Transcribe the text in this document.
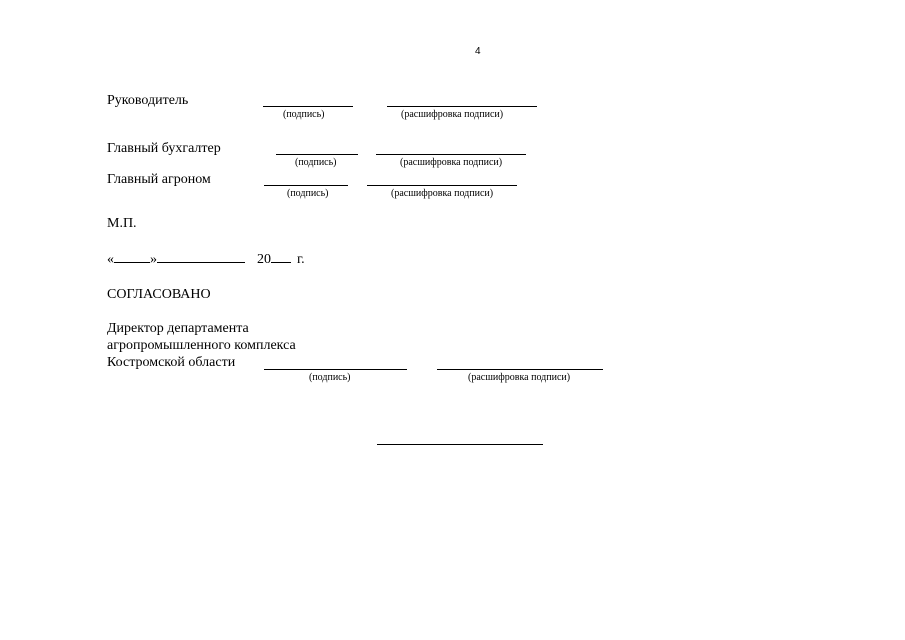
4
Руководитель
(подпись)	(расшифровка подписи)
Главный бухгалтер
(подпись)	(расшифровка подписи)
Главный агроном
(подпись)	(расшифровка подписи)
М.П.
«	»	20 г.
СОГЛАСОВАНО
Директор департамента
агропромышленного комплекса
Костромской области
(подпись)	(расшифровка подписи)
